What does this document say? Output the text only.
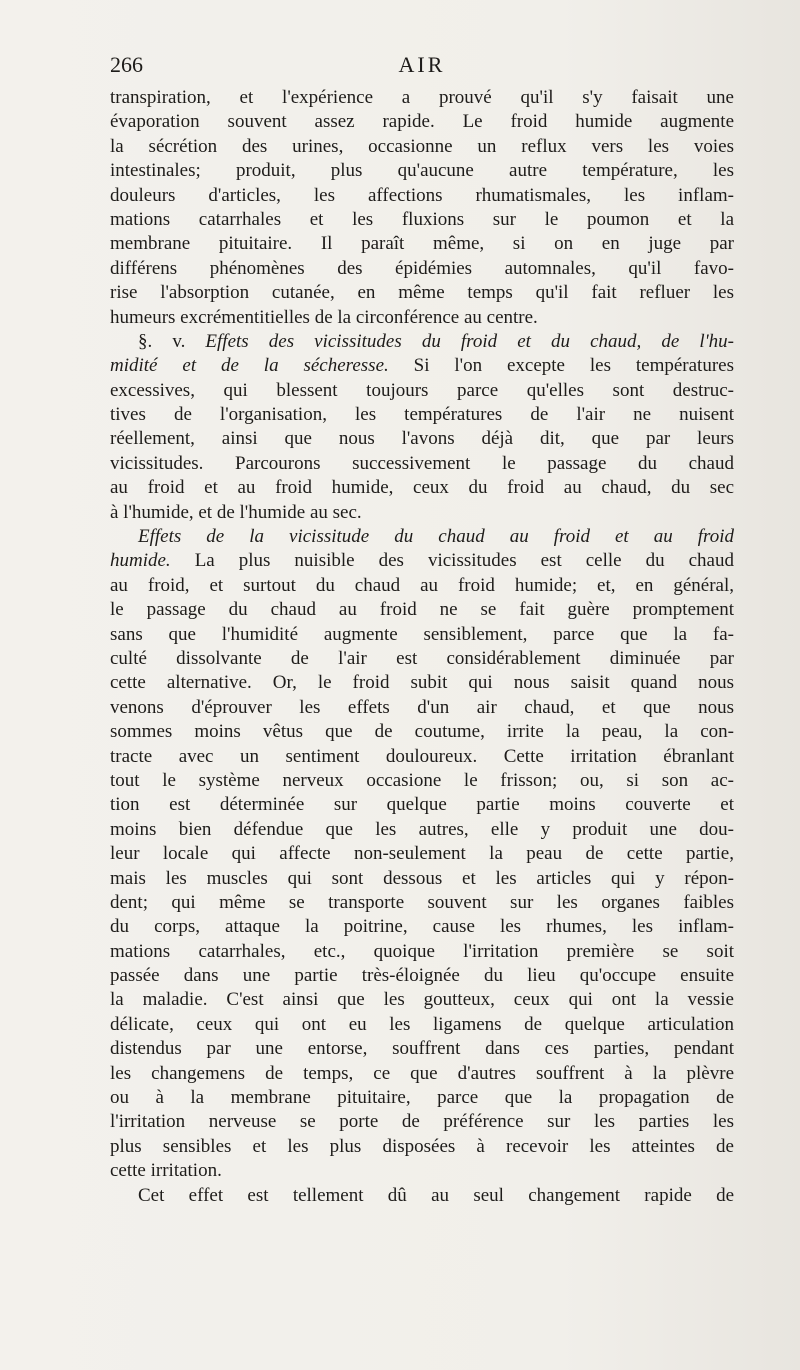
266	AIR
transpiration, et l'expérience a prouvé qu'il s'y faisait une
évaporation souvent assez rapide. Le froid humide augmente
la sécrétion des urines, occasionne un reflux vers les voies
intestinales; produit, plus qu'aucune autre température, les
douleurs d'articles, les affections rhumatismales, les inflam-
mations catarrhales et les fluxions sur le poumon et la
membrane pituitaire. Il paraît même, si on en juge par
différens phénomènes des épidémies automnales, qu'il favo-
rise l'absorption cutanée, en même temps qu'il fait refluer les
humeurs excrémentitielles de la circonférence au centre.
§. v. Effets des vicissitudes du froid et du chaud, de l'hu-
midité et de la sécheresse. Si l'on excepte les températures
excessives, qui blessent toujours parce qu'elles sont destruc-
tives de l'organisation, les températures de l'air ne nuisent
réellement, ainsi que nous l'avons déjà dit, que par leurs
vicissitudes. Parcourons successivement le passage du chaud
au froid et au froid humide, ceux du froid au chaud, du sec
à l'humide, et de l'humide au sec.
Effets de la vicissitude du chaud au froid et au froid
humide. La plus nuisible des vicissitudes est celle du chaud
au froid, et surtout du chaud au froid humide; et, en général,
le passage du chaud au froid ne se fait guère promptement
sans que l'humidité augmente sensiblement, parce que la fa-
culté dissolvante de l'air est considérablement diminuée par
cette alternative. Or, le froid subit qui nous saisit quand nous
venons d'éprouver les effets d'un air chaud, et que nous
sommes moins vêtus que de coutume, irrite la peau, la con-
tracte avec un sentiment douloureux. Cette irritation ébranlant
tout le système nerveux occasione le frisson; ou, si son ac-
tion est déterminée sur quelque partie moins couverte et
moins bien défendue que les autres, elle y produit une dou-
leur locale qui affecte non-seulement la peau de cette partie,
mais les muscles qui sont dessous et les articles qui y répon-
dent; qui même se transporte souvent sur les organes faibles
du corps, attaque la poitrine, cause les rhumes, les inflam-
mations catarrhales, etc., quoique l'irritation première se soit
passée dans une partie très-éloignée du lieu qu'occupe ensuite
la maladie. C'est ainsi que les goutteux, ceux qui ont la vessie
délicate, ceux qui ont eu les ligamens de quelque articulation
distendus par une entorse, souffrent dans ces parties, pendant
les changemens de temps, ce que d'autres souffrent à la plèvre
ou à la membrane pituitaire, parce que la propagation de
l'irritation nerveuse se porte de préférence sur les parties les
plus sensibles et les plus disposées à recevoir les atteintes de
cette irritation.
Cet effet est tellement dû au seul changement rapide de
